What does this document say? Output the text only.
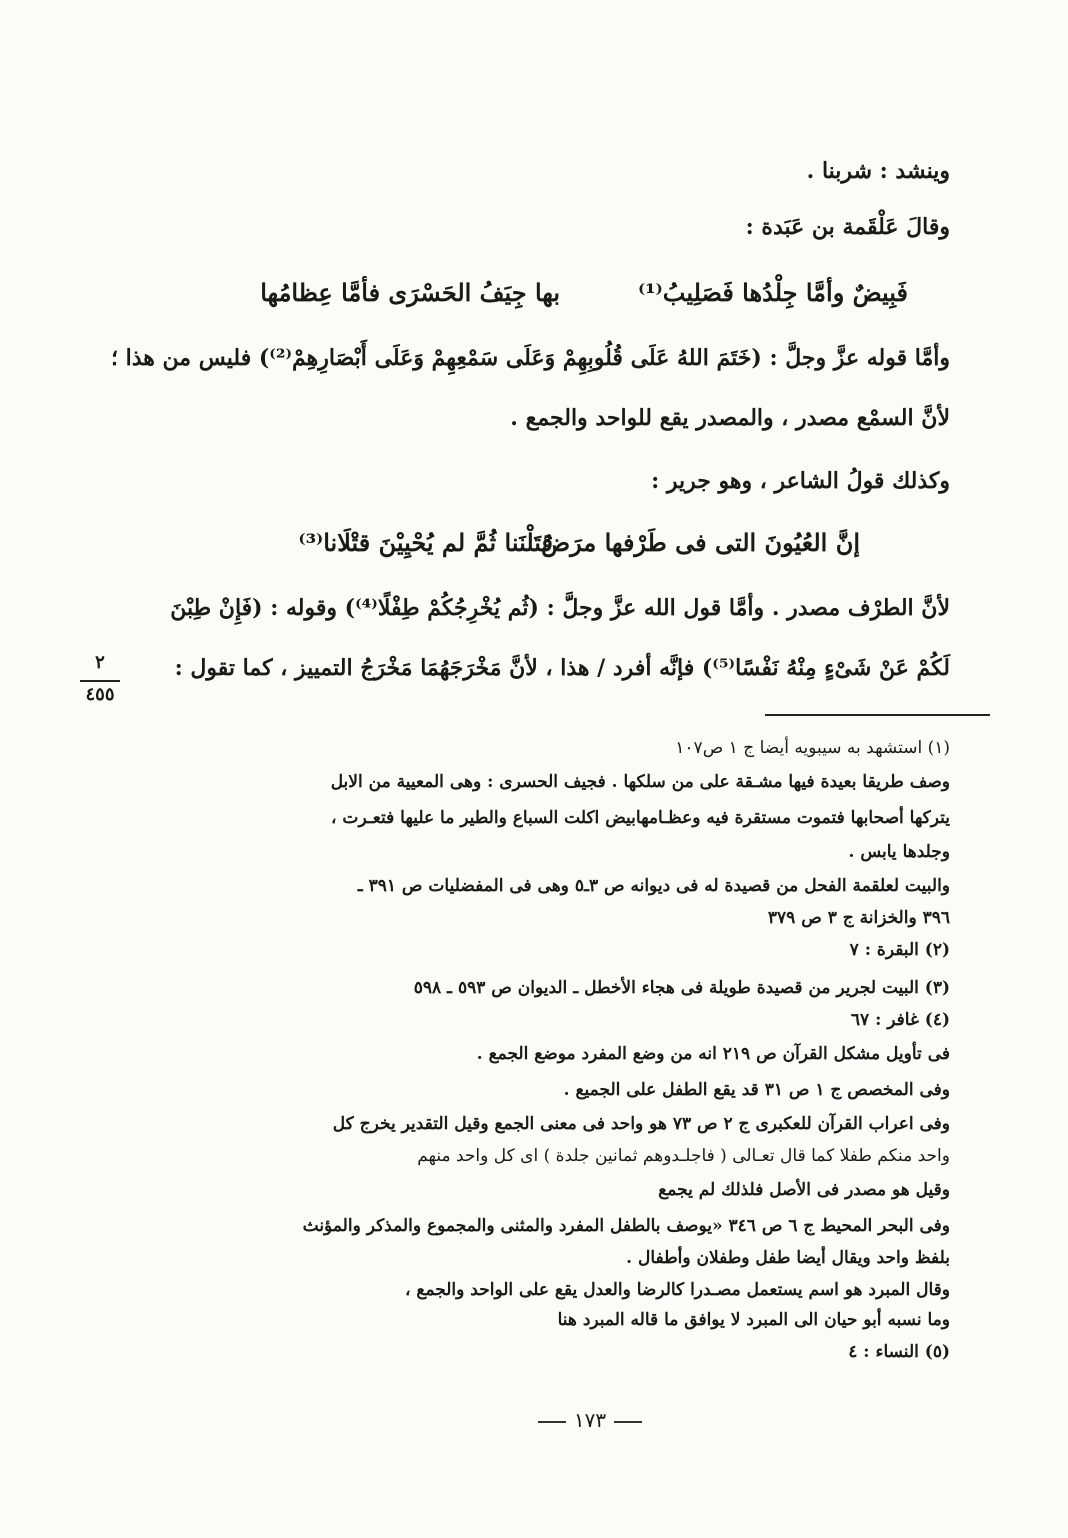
وينشد : شربنا .
وقالَ عَلْقَمة بن عَبَدة :
بها جِيَفُ الحَسْرَى فأمَّا عِظامُها	فَبِيضٌ وأمَّا جِلْدُها فَصَلِيبُ⁽¹⁾
وأمَّا قوله عزَّ وجلَّ : (خَتَمَ اللهُ عَلَى قُلُوبِهِمْ وَعَلَى سَمْعِهِمْ وَعَلَى أَبْصَارِهِمْ⁽²⁾) فليس من هذا ؛
لأنَّ السمْع مصدر ، والمصدر يقع للواحد والجمع .
وكذلك قولُ الشاعر ، وهو جرير :
إنَّ العُيُونَ التى فى طَرْفها مرَضٌ
قتَلْنَنا ثُمَّ لم يُحْيِيْنَ قتْلَانا⁽³⁾
لأنَّ الطرْف مصدر . وأمَّا قول الله عزَّ وجلَّ : (ثُم يُخْرِجُكُمْ طِفْلًا⁽⁴⁾) وقوله : (فَإِنْ طِبْنَ
لَكُمْ عَنْ شَىْءٍ مِنْهُ نَفْسًا⁽⁵⁾) فإنَّه أفرد / هذا ، لأنَّ مَخْرَجَهُمَا مَخْرَجُ التمييز ، كما تقول :
٢
٤٥٥
(١) استشهد به سيبويه أيضا ج ١ ص١٠٧
وصف طريقا بعيدة فيها مشـقة على من سلكها . فجيف الحسرى : وهى المعيية من الابل
يتركها أصحابها فتموت مستقرة فيه وعظـامهابيض اكلت السباع والطير ما عليها فتعـرت ،
وجلدها يابس .
والبيت لعلقمة الفحل من قصيدة له فى ديوانه ص ٣ـ٥ وهى فى المفضليات ص ٣٩١ ـ
٣٩٦ والخزانة ج ٣ ص ٣٧٩
(٢) البقرة : ٧
(٣) البيت لجرير من قصيدة طويلة فى هجاء الأخطل ـ الديوان ص ٥٩٣ ـ ٥٩٨
(٤) غافر : ٦٧
فى تأويل مشكل القرآن ص ٢١٩ انه من وضع المفرد موضع الجمع .
وفى المخصص ج ١ ص ٣١ قد يقع الطفل على الجميع .
وفى اعراب القرآن للعكبرى ج ٢ ص ٧٣ هو واحد فى معنى الجمع وقيل التقدير يخرج كل
واحد منكم طفلا كما قال تعـالى ( فاجلـدوهم ثمانين جلدة ) اى كل واحد منهم
وقيل هو مصدر فى الأصل فلذلك لم يجمع
وفى البحر المحيط ج ٦ ص ٣٤٦ «يوصف بالطفل المفرد والمثنى والمجموع والمذكر والمؤنث
بلفظ واحد ويقال أيضا طفل وطفلان وأطفال .
وقال المبرد هو اسم يستعمل مصـدرا كالرضا والعدل يقع على الواحد والجمع ،
وما نسبه أبو حيان الى المبرد لا يوافق ما قاله المبرد هنا
(٥) النساء : ٤
١٧٣
